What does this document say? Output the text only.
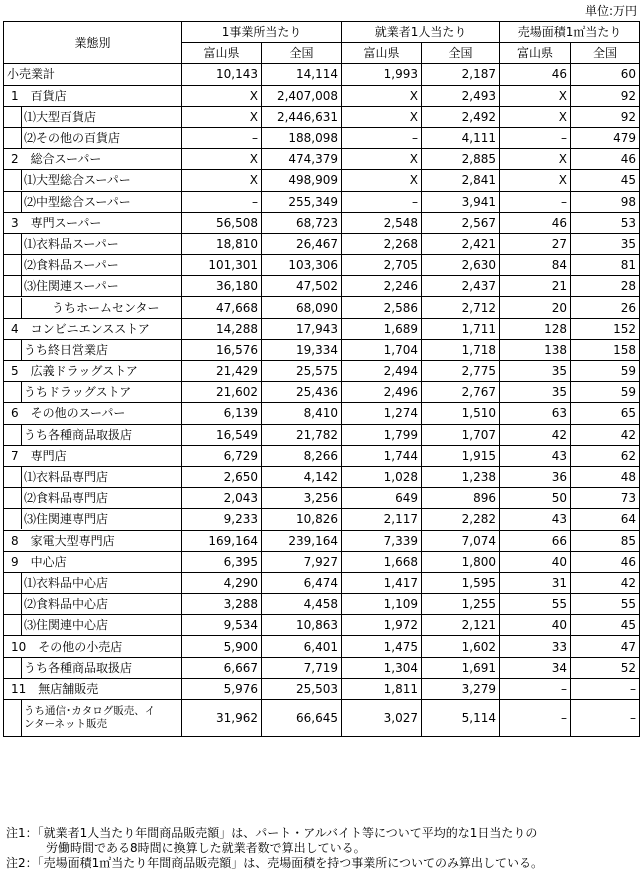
単位:万円
業態別	1事業所当たり		就業者1人当たり		売場面積1㎡当たり	
	富山県	全国	富山県	全国	富山県	全国

小売業計	10,143	14,114	1,993	2,187	46	60

1　百貨店	X	2,407,008	X	2,493	X	92

⑴大型百貨店	X	2,446,631	X	2,492	X	92

⑵その他の百貨店	–	188,098	–	4,111	–	479

2　総合スーパー	X	474,379	X	2,885	X	46

⑴大型総合スーパー	X	498,909	X	2,841	X	45

⑵中型総合スーパー	–	255,349	–	3,941	–	98

3　専門スーパー	56,508	68,723	2,548	2,567	46	53

⑴衣料品スーパー	18,810	26,467	2,268	2,421	27	35

⑵食料品スーパー	101,301	103,306	2,705	2,630	84	81

⑶住関連スーパー	36,180	47,502	2,246	2,437	21	28

うちホームセンター	47,668	68,090	2,586	2,712	20	26

4　コンビニエンスストア	14,288	17,943	1,689	1,711	128	152

うち終日営業店	16,576	19,334	1,704	1,718	138	158

5　広義ドラッグストア	21,429	25,575	2,494	2,775	35	59

うちドラッグストア	21,602	25,436	2,496	2,767	35	59

6　その他のスーパー	6,139	8,410	1,274	1,510	63	65

うち各種商品取扱店	16,549	21,782	1,799	1,707	42	42

7　専門店	6,729	8,266	1,744	1,915	43	62

⑴衣料品専門店	2,650	4,142	1,028	1,238	36	48

⑵食料品専門店	2,043	3,256	649	896	50	73

⑶住関連専門店	9,233	10,826	2,117	2,282	43	64

8　家電大型専門店	169,164	239,164	7,339	7,074	66	85

9　中心店	6,395	7,927	1,668	1,800	40	46

⑴衣料品中心店	4,290	6,474	1,417	1,595	31	42

⑵食料品中心店	3,288	4,458	1,109	1,255	55	55

⑶住関連中心店	9,534	10,863	1,972	2,121	40	45

10　その他の小売店	5,900	6,401	1,475	1,602	33	47

うち各種商品取扱店	6,667	7,719	1,304	1,691	34	52

11　無店舗販売	5,976	25,503	1,811	3,279	–	–

うち通信･カタログ販売、インターネット販売	31,962	66,645	3,027	5,114	–	–
注1：「就業者1人当たり年間商品販売額」は、パート・アルバイト等について平均的な1日当たりの
労働時間である8時間に換算した就業者数で算出している。
注2：「売場面積1㎡当たり年間商品販売額」は、売場面積を持つ事業所についてのみ算出している。
